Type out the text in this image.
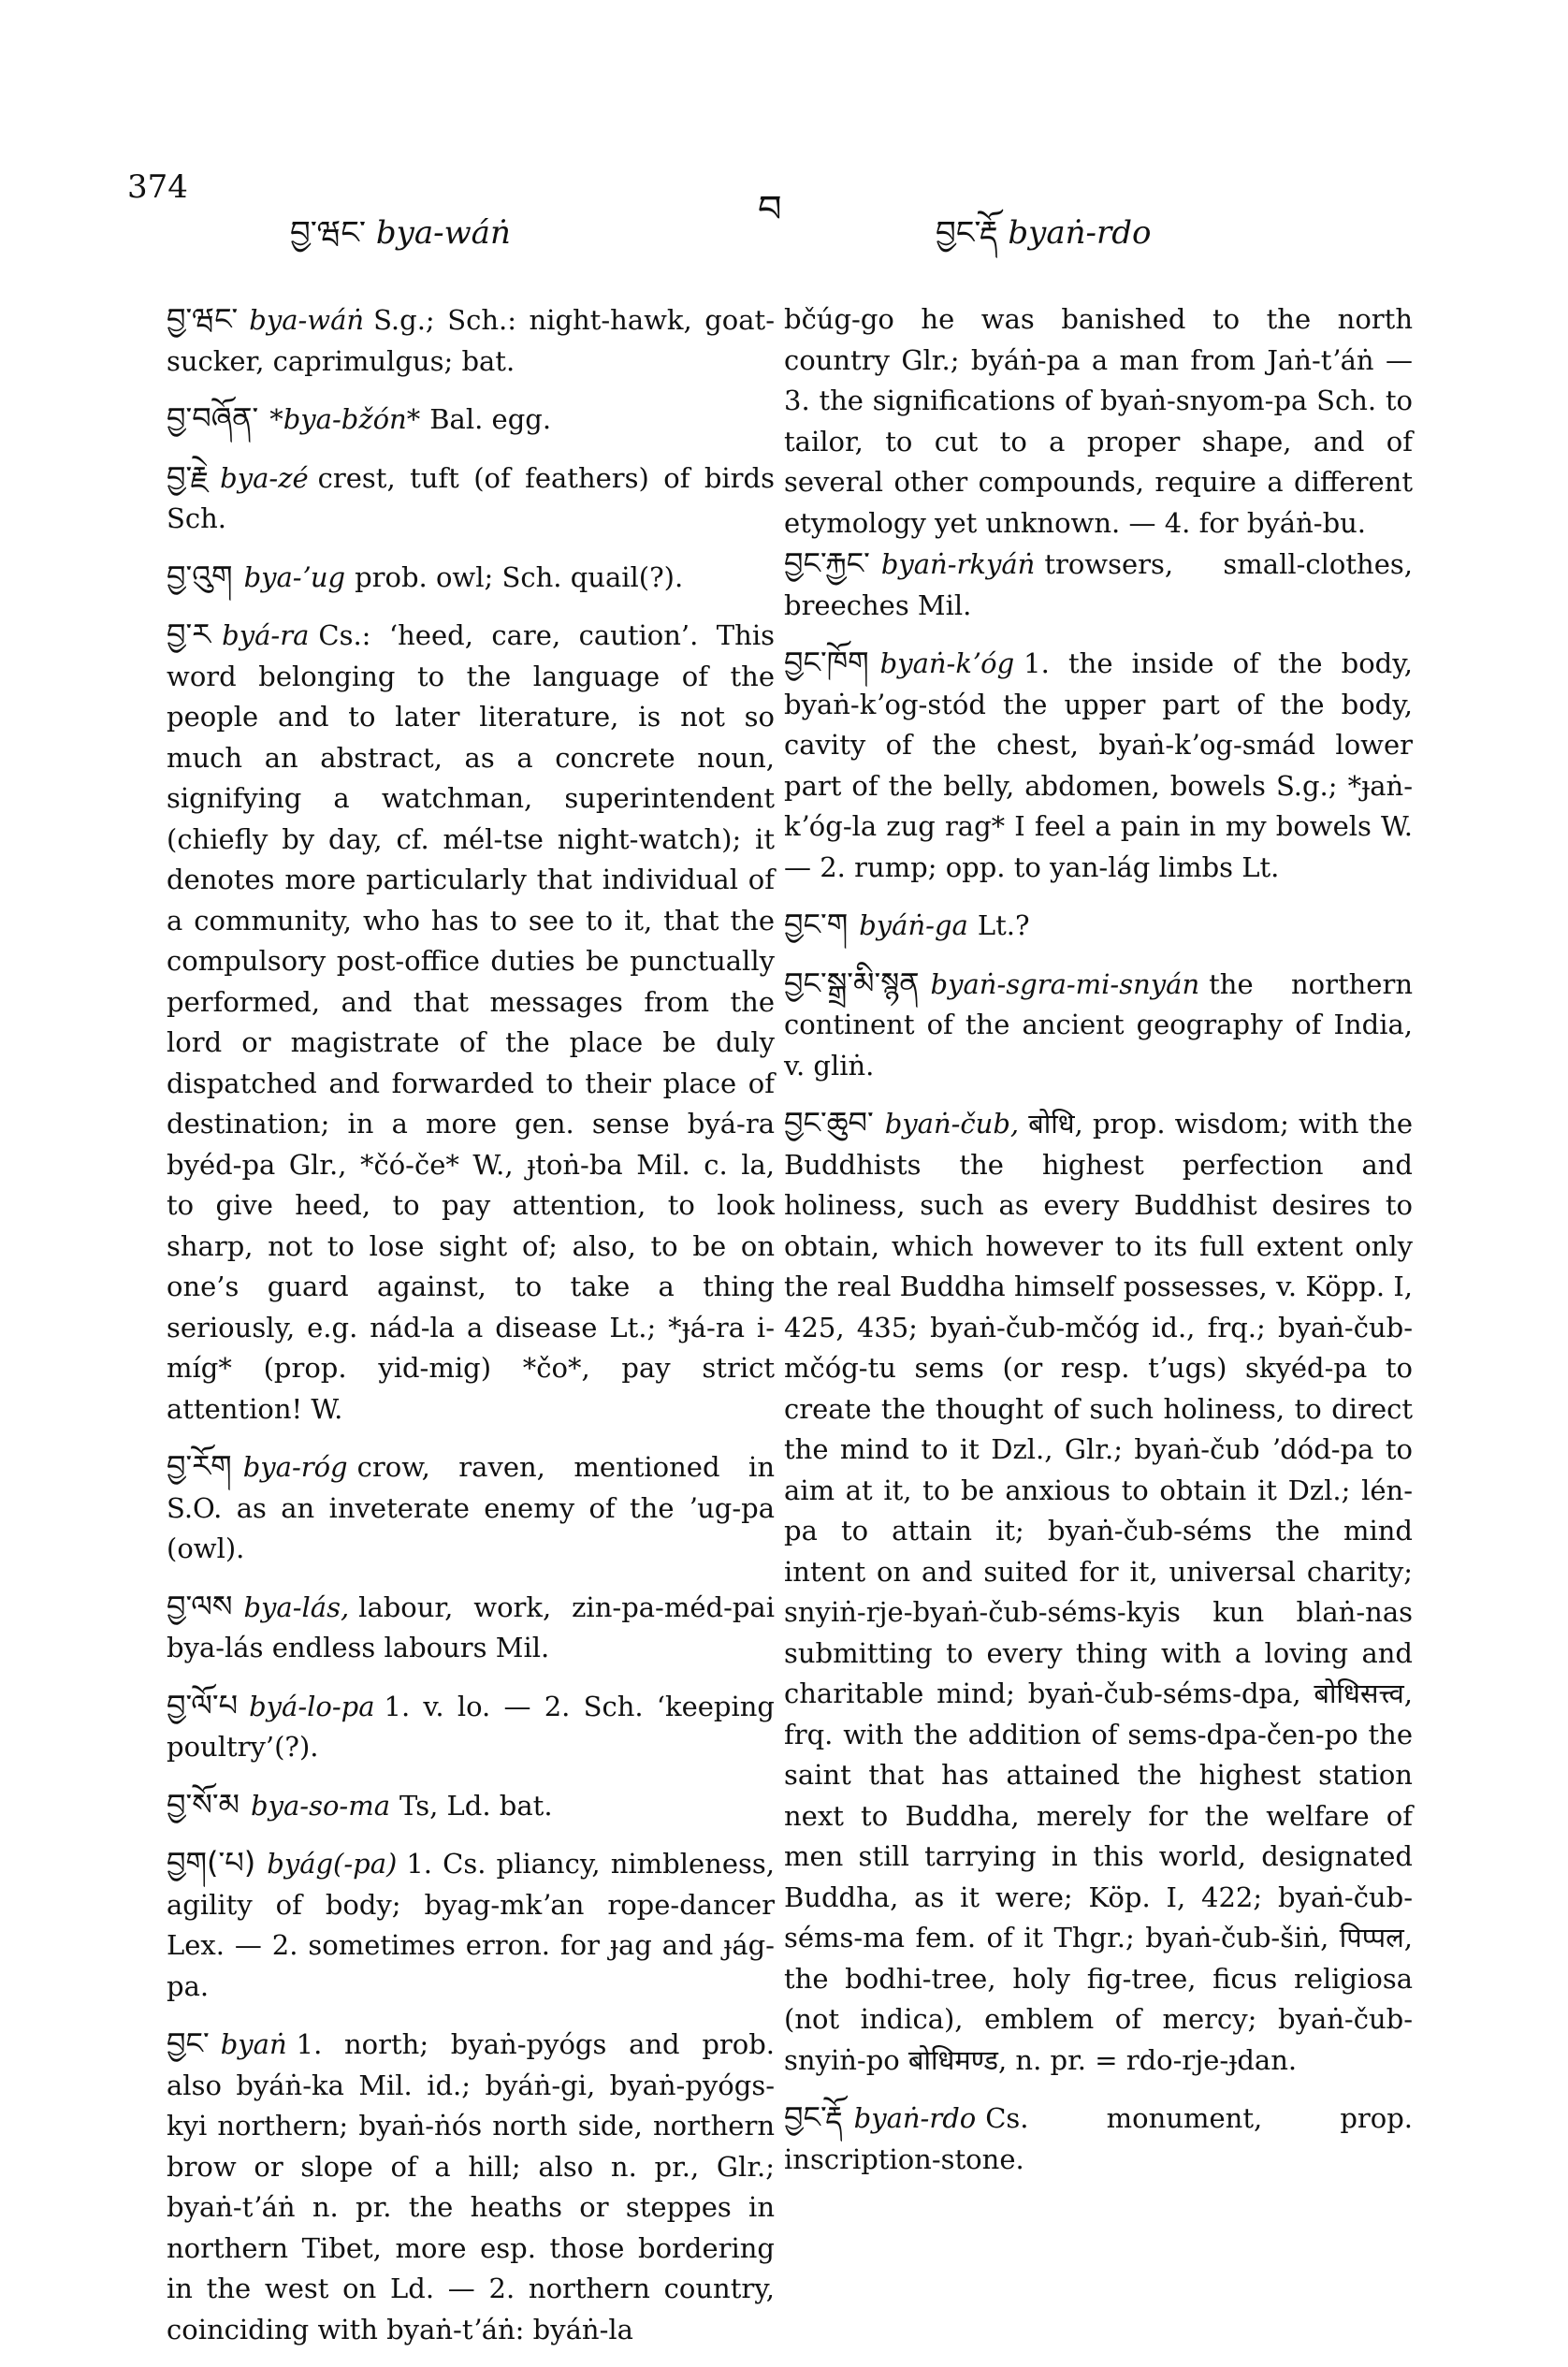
374
བྱ་ཝང་ bya-wáṅ
བ
བྱང་རྡོ byaṅ-rdo

བྱ་ཝང་ bya-wáṅ S.g.; Sch.: night-hawk, goat-sucker, caprimulgus; bat.

བྱ་བཞོན་ *bya-bžón* Bal. egg.

བྱ་རྗེ bya-zé crest, tuft (of feathers) of birds Sch.

བྱ་འུག bya-ʼug prob. owl; Sch. quail(?).

བྱ་ར byá-ra Cs.: ‘heed, care, caution’. This word belonging to the language of the people and to later literature, is not so much an abstract, as a concrete noun, signifying a watchman, superintendent (chiefly by day, cf. mél-tse night-watch); it denotes more particularly that individual of a community, who has to see to it, that the compulsory post-office duties be punctually performed, and that messages from the lord or magistrate of the place be duly dispatched and forwarded to their place of destination; in a more gen. sense byá-ra byéd-pa Glr., *čó-če* W., ɟtoṅ-ba Mil. c. la, to give heed, to pay attention, to look sharp, not to lose sight of; also, to be on one’s guard against, to take a thing seriously, e.g. nád-la a disease Lt.; *ɟá-ra i-míg* (prop. yid-mig) *čo*, pay strict attention! W.

བྱ་རོག bya-róg crow, raven, mentioned in S.O. as an inveterate enemy of the ʼug-pa (owl).

བྱ་ལས bya-lás, labour, work, zin-pa-méd-pai bya-lás endless labours Mil.

བྱ་ལོ་པ byá-lo-pa 1. v. lo. — 2. Sch. ‘keeping poultry’(?).

བྱ་སོ་མ bya-so-ma Ts, Ld. bat.

བྱག(་པ) byág(-pa) 1. Cs. pliancy, nimbleness, agility of body; byag-mkʼan rope-dancer Lex. — 2. sometimes erron. for ɟag and ɟág-pa.

བྱང་ byaṅ 1. north; byaṅ-pyógs and prob. also byáṅ-ka Mil. id.; byáṅ-gi, byaṅ-pyógs-kyi northern; byaṅ-ṅós north side, northern brow or slope of a hill; also n. pr., Glr.; byaṅ-tʼáṅ n. pr. the heaths or steppes in northern Tibet, more esp. those bordering in the west on Ld. — 2. northern country, coinciding with byaṅ-tʼáṅ: byáṅ-la

bčúg-go he was banished to the north country Glr.; byáṅ-pa a man from Jaṅ-tʼáṅ — 3. the significations of byaṅ-snyom-pa Sch. to tailor, to cut to a proper shape, and of several other compounds, require a different etymology yet unknown. — 4. for byáṅ-bu.

བྱང་རྐྱང་ byaṅ-rkyáṅ trowsers, small-clothes, breeches Mil.

བྱང་ཁོག byaṅ-kʼóg 1. the inside of the body, byaṅ-kʼog-stód the upper part of the body, cavity of the chest, byaṅ-kʼog-smád lower part of the belly, abdomen, bowels S.g.; *ɟaṅ-kʼóg-la zug rag* I feel a pain in my bowels W. — 2. rump; opp. to yan-lág limbs Lt.

བྱང་ག byáṅ-ga Lt.?

བྱང་སྒྲ་མི་སྙན byaṅ-sgra-mi-snyán the northern continent of the ancient geography of India, v. gliṅ.

བྱང་ཆུབ་ byaṅ-čub, बोधि, prop. wisdom; with the Buddhists the highest perfection and holiness, such as every Buddhist desires to obtain, which however to its full extent only the real Buddha himself possesses, v. Köpp. I, 425, 435; byaṅ-čub-mčóg id., frq.; byaṅ-čub-mčóg-tu sems (or resp. tʼugs) skyéd-pa to create the thought of such holiness, to direct the mind to it Dzl., Glr.; byaṅ-čub ʼdód-pa to aim at it, to be anxious to obtain it Dzl.; lén-pa to attain it; byaṅ-čub-séms the mind intent on and suited for it, universal charity; snyiṅ-rje-byaṅ-čub-séms-kyis kun blaṅ-nas submitting to every thing with a loving and charitable mind; byaṅ-čub-séms-dpa, बोधिसत्त्व, frq. with the addition of sems-dpa-čen-po the saint that has attained the highest station next to Buddha, merely for the welfare of men still tarrying in this world, designated Buddha, as it were; Köp. I, 422; byaṅ-čub-séms-ma fem. of it Thgr.; byaṅ-čub-šiṅ, पिप्पल, the bodhi-tree, holy fig-tree, ficus religiosa (not indica), emblem of mercy; byaṅ-čub-snyiṅ-po बोधिमण्ड, n. pr. = rdo-rje-ɟdan.

བྱང་རྡོ byaṅ-rdo Cs. monument, prop. inscription-stone.
